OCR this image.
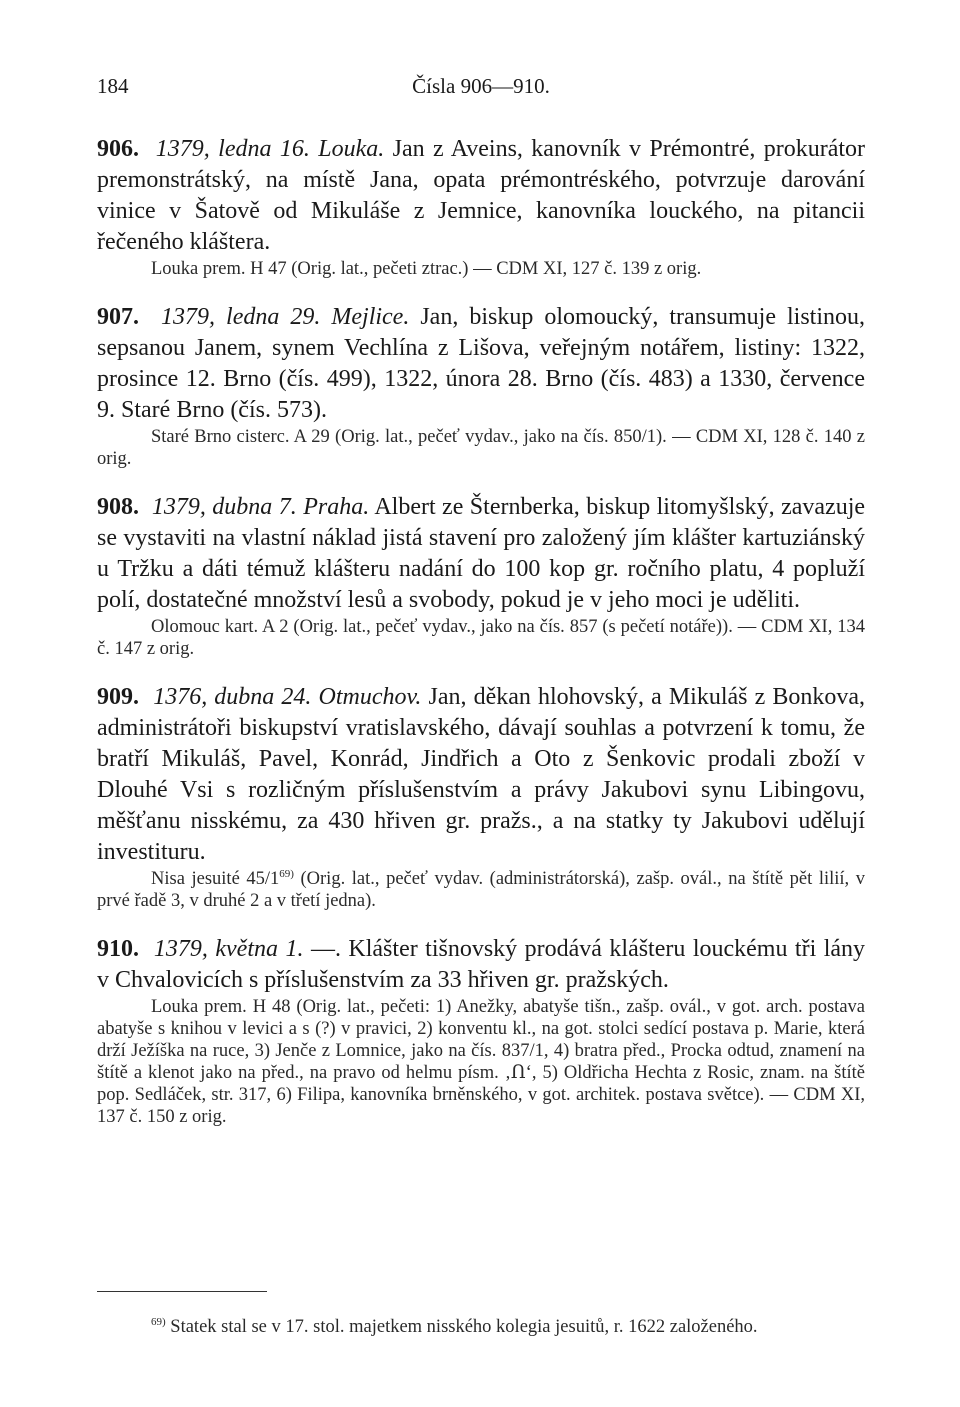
184	Čísla 906—910.

906. 1379, ledna 16. Louka. Jan z Aveins, kanovník v Prémontré, prokurátor premonstrátský, na místě Jana, opata prémontréského, potvrzuje darování vinice v Šatově od Mikuláše z Jemnice, kanovníka louckého, na pitancii řečeného kláštera.

Louka prem. H 47 (Orig. lat., pečeti ztrac.) — CDM XI, 127 č. 139 z orig.

907. 1379, ledna 29. Mejlice. Jan, biskup olomoucký, transumuje listinou, sepsanou Janem, synem Vechlína z Lišova, veřejným notářem, listiny: 1322, prosince 12. Brno (čís. 499), 1322, února 28. Brno (čís. 483) a 1330, července 9. Staré Brno (čís. 573).

Staré Brno cisterc. A 29 (Orig. lat., pečeť vydav., jako na čís. 850/1). — CDM XI, 128 č. 140 z orig.

908. 1379, dubna 7. Praha. Albert ze Šternberka, biskup litomyšlský, zavazuje se vystaviti na vlastní náklad jistá stavení pro založený jím klášter kartuziánský u Tržku a dáti témuž klášteru nadání do 100 kop gr. ročního platu, 4 popluží polí, dostatečné množství lesů a svobody, pokud je v jeho moci je uděliti.

Olomouc kart. A 2 (Orig. lat., pečeť vydav., jako na čís. 857 (s pečetí notáře)). — CDM XI, 134 č. 147 z orig.

909. 1376, dubna 24. Otmuchov. Jan, děkan hlohovský, a Mikuláš z Bonkova, administrátoři biskupství vratislavského, dávají souhlas a potvrzení k tomu, že bratří Mikuláš, Pavel, Konrád, Jindřich a Oto z Šenkovic prodali zboží v Dlouhé Vsi s rozličným příslušenstvím a právy Jakubovi synu Libingovu, měšťanu nisskému, za 430 hřiven gr. pražs., a na statky ty Jakubovi udělují investituru.

Nisa jesuité 45/1$^{69)}$ (Orig. lat., pečeť vydav. (administrátorská), zašp. ovál., na štítě pět lilií, v prvé řadě 3, v druhé 2 a v třetí jedna).

910. 1379, května 1. —. Klášter tišnovský prodává klášteru louckému tři lány v Chvalovicích s příslušenstvím za 33 hřiven gr. pražských.

Louka prem. H 48 (Orig. lat., pečeti: 1) Anežky, abatyše tišn., zašp. ovál., v got. arch. postava abatyše s knihou v levici a s (?) v pravici, 2) konventu kl., na got. stolci sedící postava p. Marie, která drží Ježíška na ruce, 3) Jenče z Lomnice, jako na čís. 837/1, 4) bratra před., Procka odtud, znamení na štítě a klenot jako na před., na pravo od helmu písm. ‚Ո‘, 5) Oldřicha Hechta z Rosic, znam. na štítě pop. Sedláček, str. 317, 6) Filipa, kanovníka brněnského, v got. architek. postava světce). — CDM XI, 137 č. 150 z orig.

$^{69)}$ Statek stal se v 17. stol. majetkem nisského kolegia jesuitů, r. 1622 založeného.
